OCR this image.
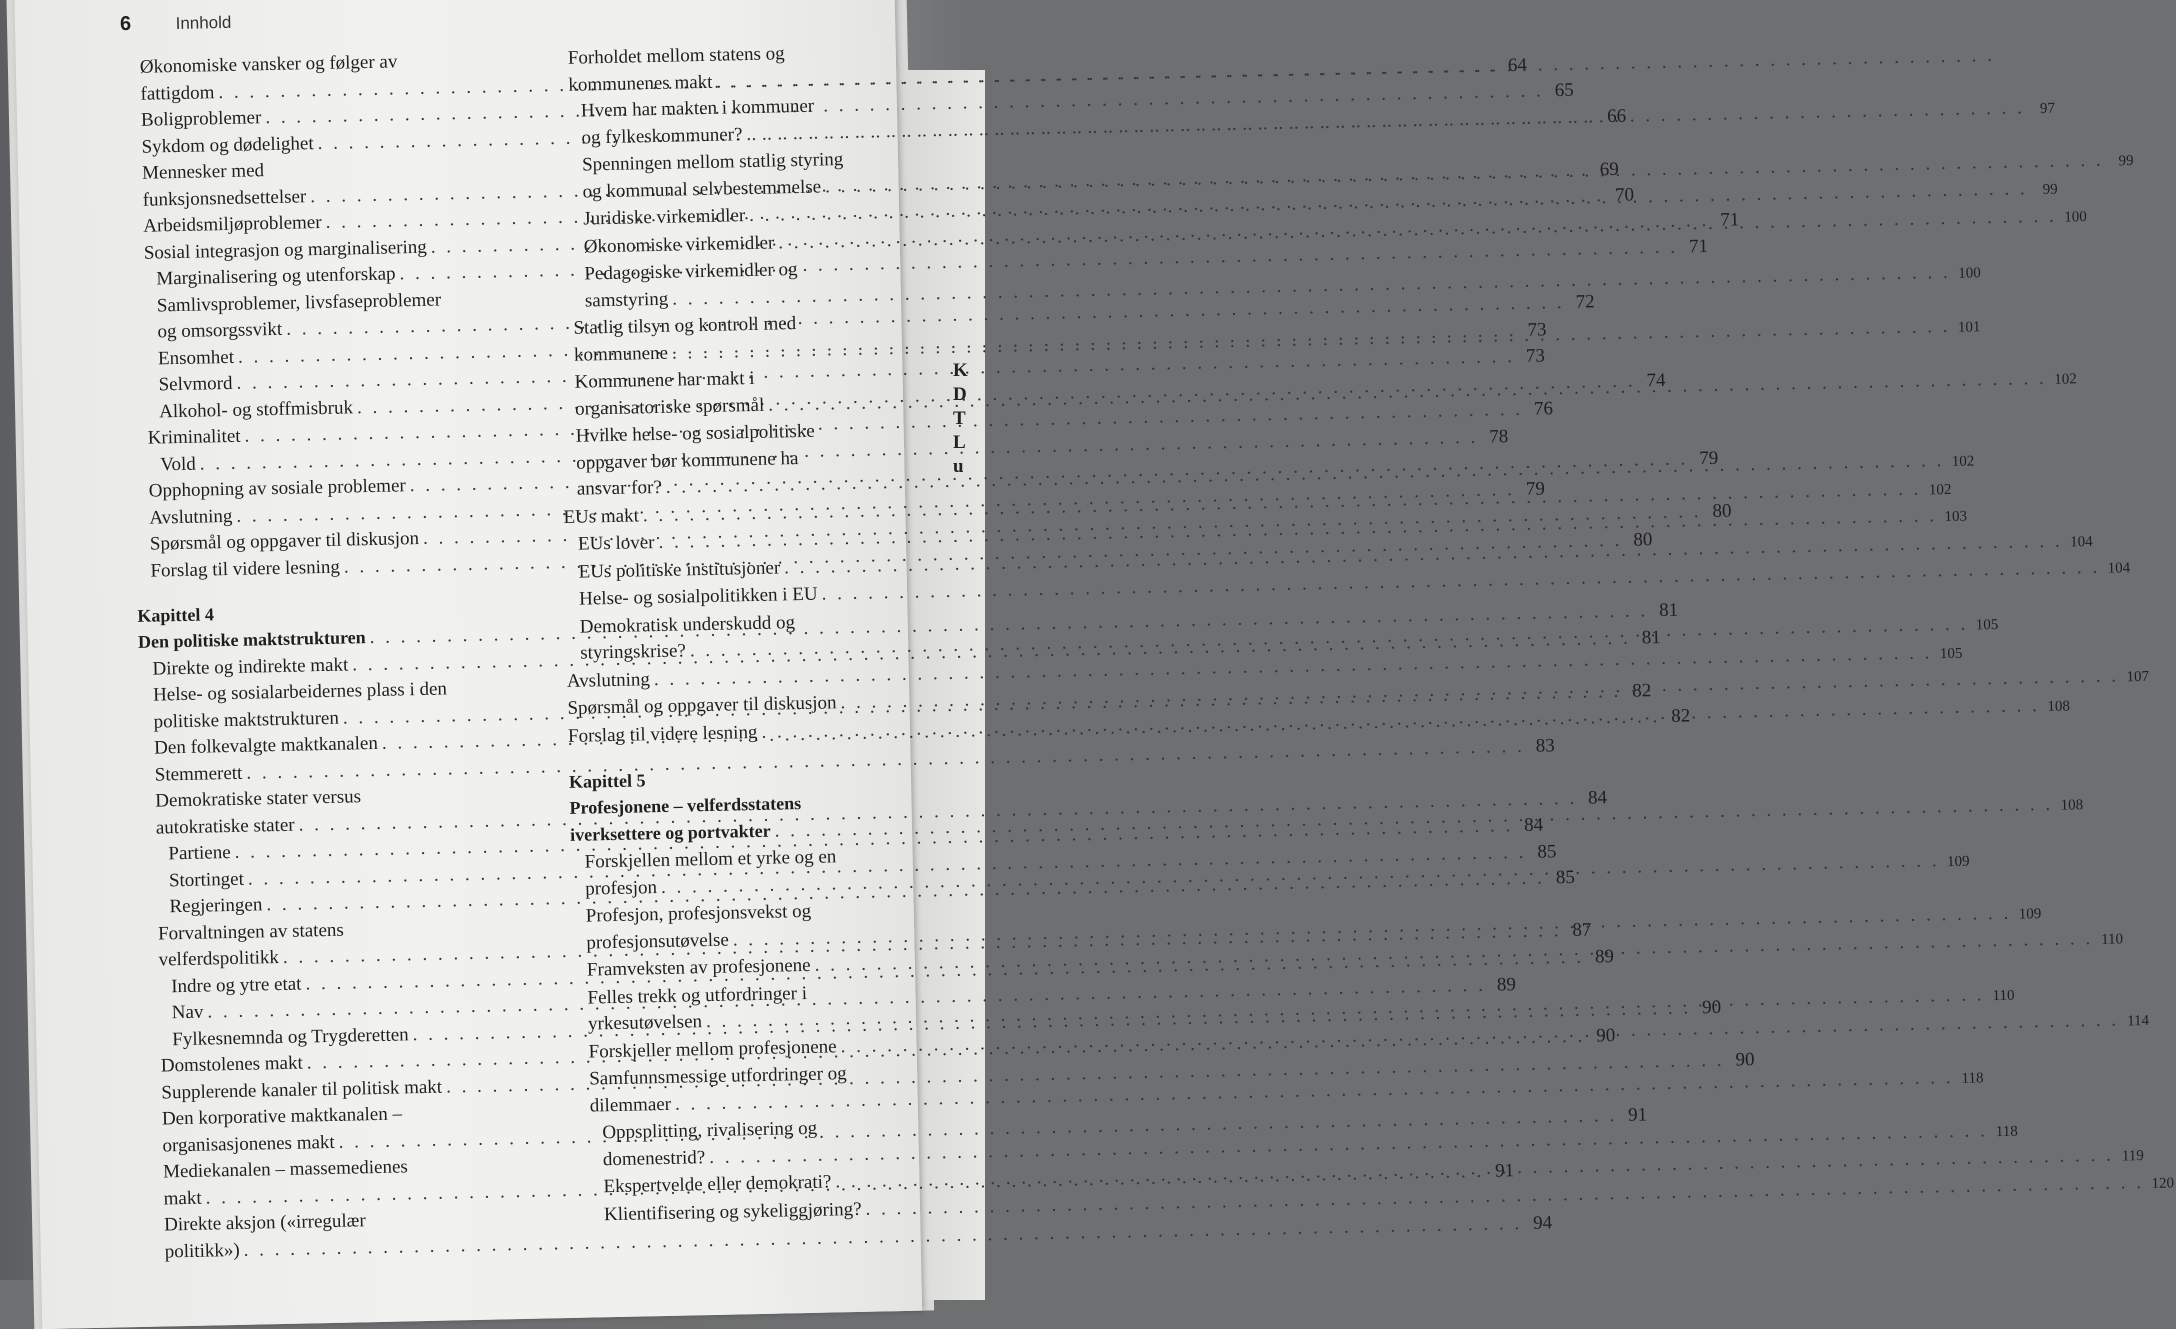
K
D
T
L
u
6	Innhold
Økonomiske vansker og følger av
fattigdom
. . .
64
Boligproblemer
. . .
65
Sykdom og dødelighet
. . .
66
Mennesker med
funksjonsnedsettelser
. . .
69
Arbeidsmiljøproblemer
. . .
70
Sosial integrasjon og marginalisering
. . .
71
Marginalisering og utenforskap
. . .
71
Samlivsproblemer, livsfaseproblemer
og omsorgssvikt
. . .
72
Ensomhet
. . .
73
Selvmord
. . .
73
Alkohol- og stoffmisbruk
. . .
74
Kriminalitet
. . .
76
Vold
. . .
78
Opphopning av sosiale problemer
. . .
79
Avslutning
. . .
79
Spørsmål og oppgaver til diskusjon
. . .
80
Forslag til videre lesning
. . .
80
Kapittel 4
Den politiske maktstrukturen
. . .
81
Direkte og indirekte makt
. . .
81
Helse- og sosialarbeidernes plass i den
politiske maktstrukturen
. . .
82
Den folkevalgte maktkanalen
. . .
82
Stemmerett
. . .
83
Demokratiske stater versus
autokratiske stater
. . .
84
Partiene
. . .
84
Stortinget
. . .
85
Regjeringen
. . .
85
Forvaltningen av statens
velferdspolitikk
. . .
87
Indre og ytre etat
. . .
89
Nav
. . .
89
Fylkesnemnda og Trygderetten
. . .
90
Domstolenes makt
. . .
90
Supplerende kanaler til politisk makt
. . .
90
Den korporative maktkanalen –
organisasjonenes makt
. . .
91
Mediekanalen – massemedienes
makt
. . .
91
Direkte aksjon («irregulær
politikk»)
. . .
94
Forholdet mellom statens og
kommunenes makt
. . .
Hvem har makten i kommuner
og fylkeskommuner?
. . .
97
Spenningen mellom statlig styring
og kommunal selvbestemmelse
. . .
99
Juridiske virkemidler
. . .
99
Økonomiske virkemidler
. . .
100
Pedagogiske virkemidler og
samstyring
. . .
100
Statlig tilsyn og kontroll med
kommunene
. . .
101
Kommunene har makt i
organisatoriske spørsmål
. . .
102
Hvilke helse- og sosialpolitiske
oppgaver bør kommunene ha
ansvar for?
. . .
102
EUs makt
. . .
102
EUs lover
. . .
103
EUs politiske institusjoner
. . .
104
Helse- og sosialpolitikken i EU
. . .
104
Demokratisk underskudd og
styringskrise?
. . .
105
Avslutning
. . .
105
Spørsmål og oppgaver til diskusjon
. . .
107
Forslag til videre lesning
. . .
108
Kapittel 5
Profesjonene – velferdsstatens
iverksettere og portvakter
. . .
108
Forskjellen mellom et yrke og en
profesjon
. . .
109
Profesjon, profesjonsvekst og
profesjonsutøvelse
. . .
109
Framveksten av profesjonene
. . .
110
Felles trekk og utfordringer i
yrkesutøvelsen
. . .
110
Forskjeller mellom profesjonene
. . .
114
Samfunnsmessige utfordringer og
dilemmaer
. . .
118
Oppsplitting, rivalisering og
domenestrid?
. . .
118
Ekspertvelde eller demokrati?
. . .
119
Klientifisering og sykeliggjøring?
. . .
120
